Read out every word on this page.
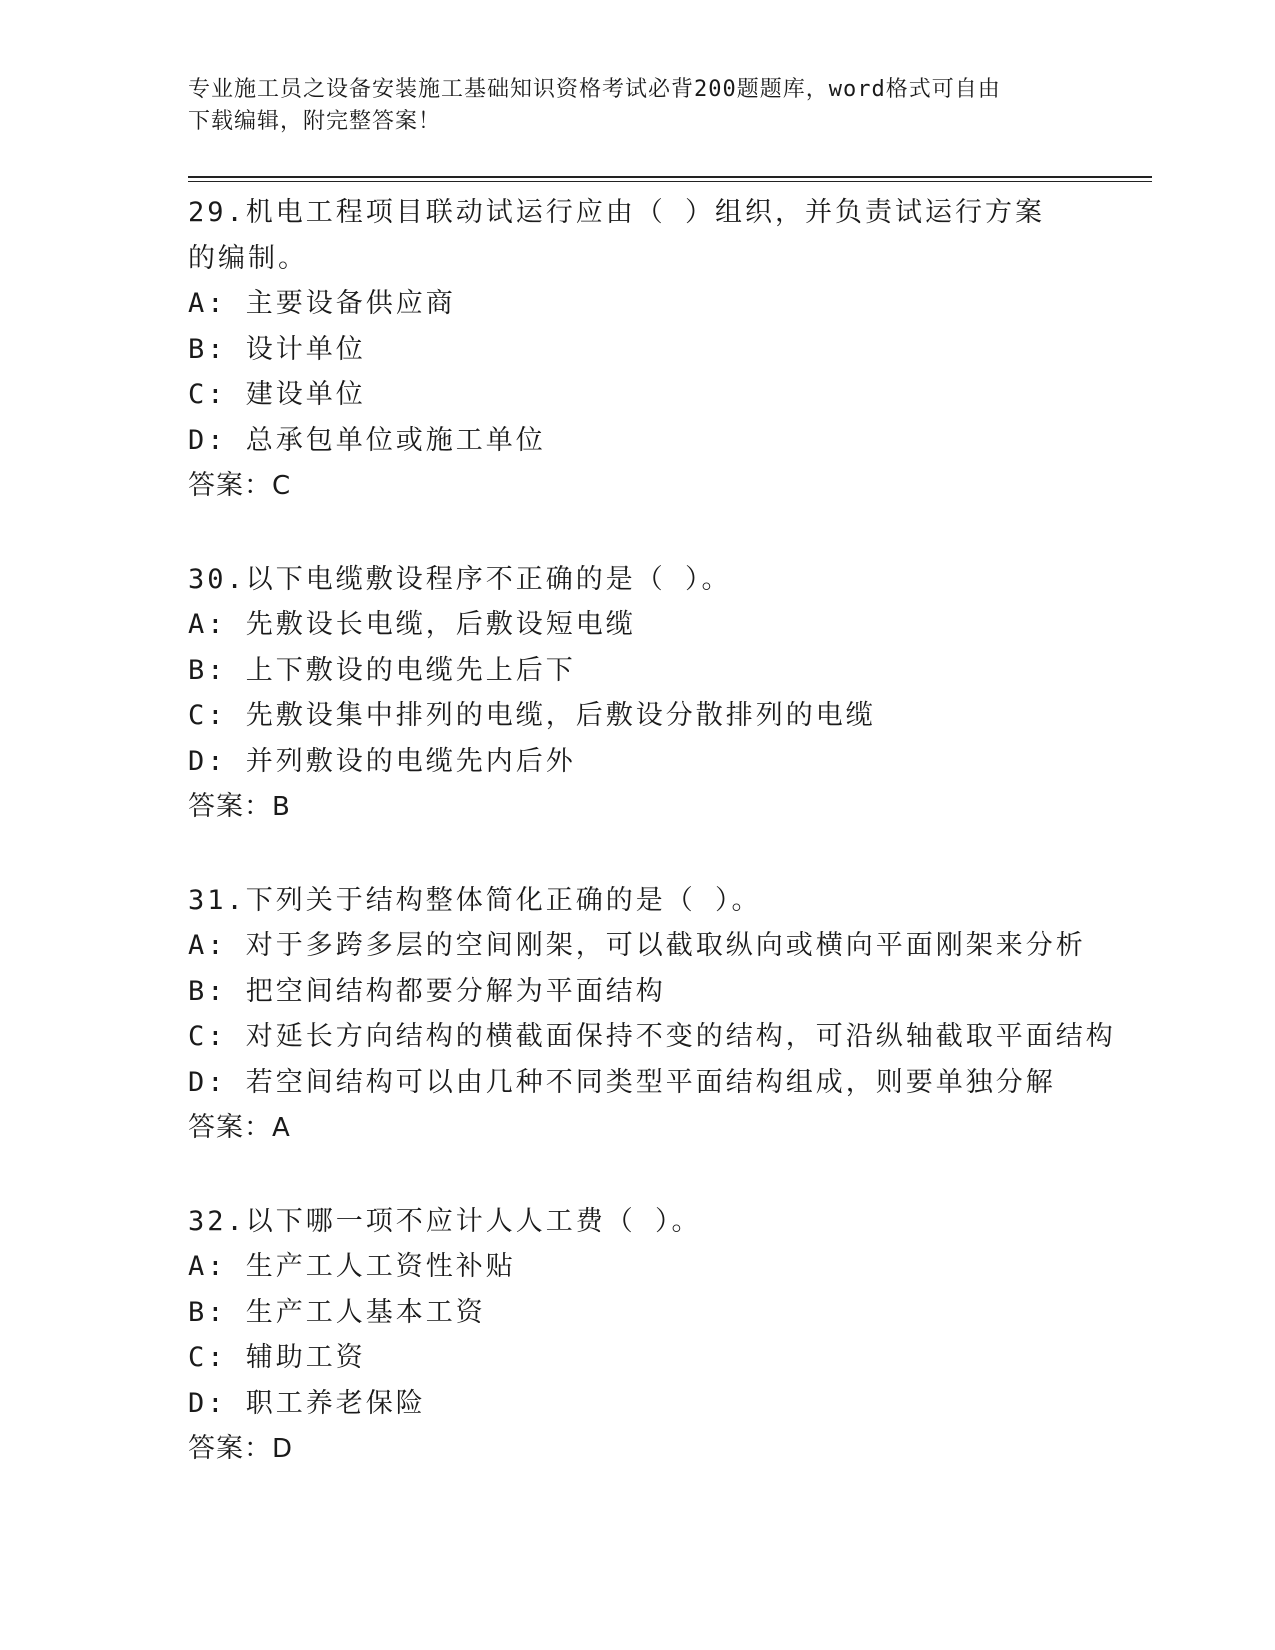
专业施工员之设备安装施工基础知识资格考试必背200题题库，word格式可自由

下载编辑，附完整答案！

29.机电工程项目联动试运行应由（ ）组织，并负责试运行方案的编制。

A: 主要设备供应商

B: 设计单位

C: 建设单位

D: 总承包单位或施工单位

答案：C

30.以下电缆敷设程序不正确的是（ ）。

A: 先敷设长电缆，后敷设短电缆

B: 上下敷设的电缆先上后下

C: 先敷设集中排列的电缆，后敷设分散排列的电缆

D: 并列敷设的电缆先内后外

答案：B

31.下列关于结构整体简化正确的是（ ）。

A: 对于多跨多层的空间刚架，可以截取纵向或横向平面刚架来分析

B: 把空间结构都要分解为平面结构

C: 对延长方向结构的横截面保持不变的结构，可沿纵轴截取平面结构

D: 若空间结构可以由几种不同类型平面结构组成，则要单独分解

答案：A

32.以下哪一项不应计人人工费（ ）。

A: 生产工人工资性补贴

B: 生产工人基本工资

C: 辅助工资

D: 职工养老保险

答案：D
